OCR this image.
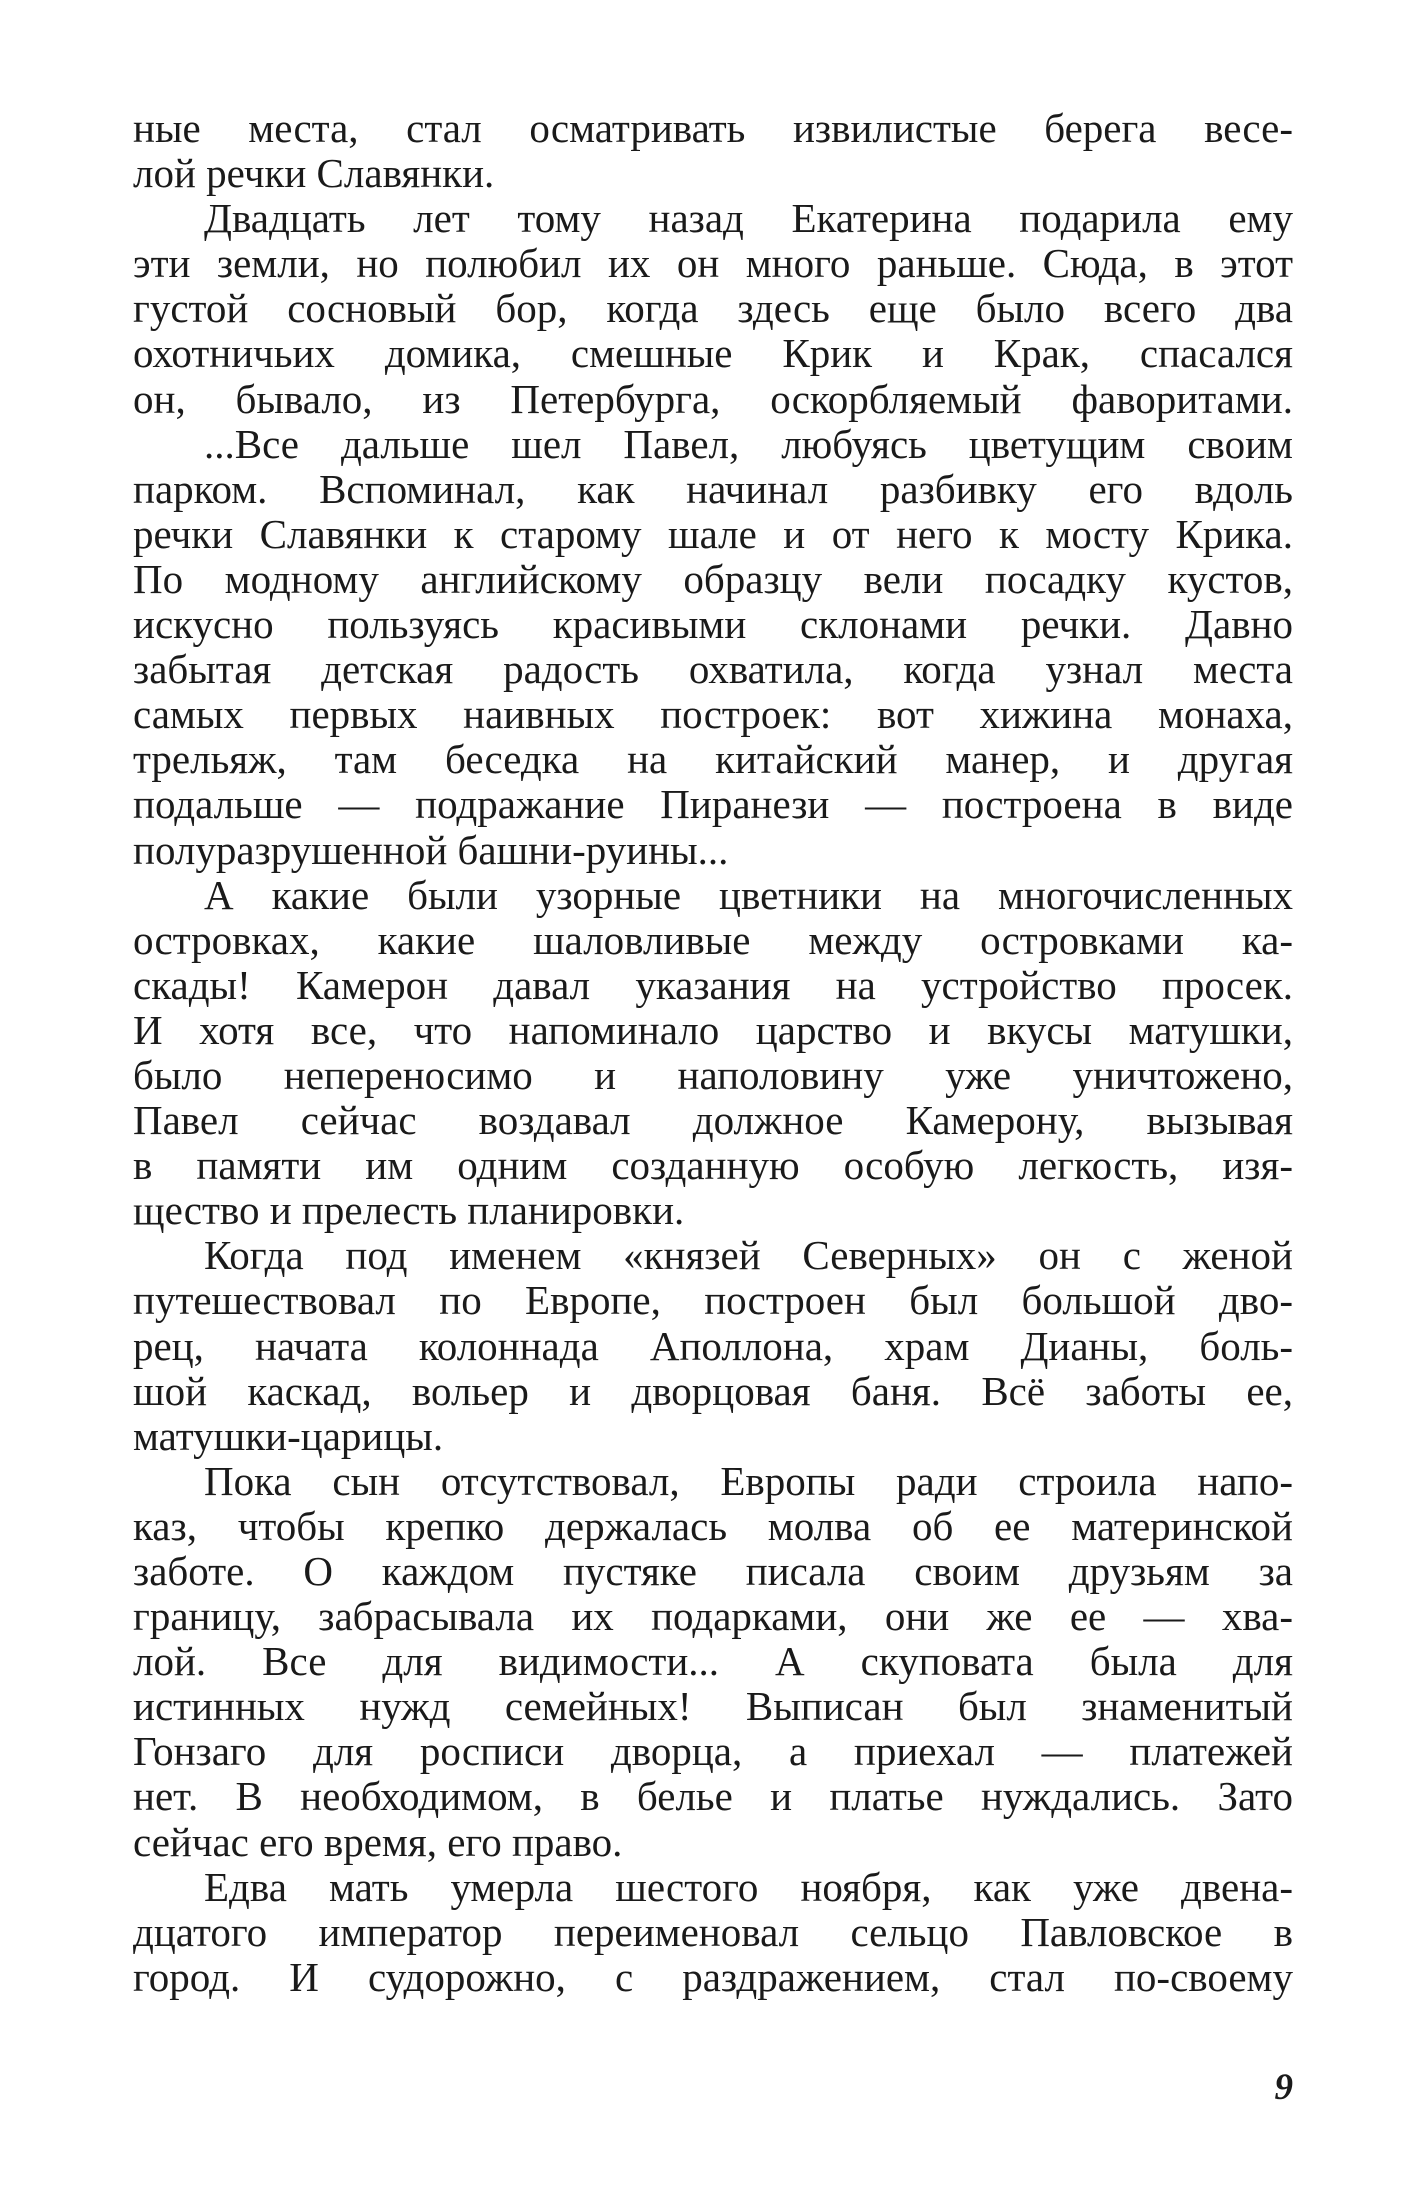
ные места, стал осматривать извилистые берега весе-
лой речки Славянки.
Двадцать лет тому назад Екатерина подарила ему
эти земли, но полюбил их он много раньше. Сюда, в этот
густой сосновый бор, когда здесь еще было всего два
охотничьих домика, смешные Крик и Крак, спасался
он, бывало, из Петербурга, оскорбляемый фаворитами.
...Все дальше шел Павел, любуясь цветущим своим
парком. Вспоминал, как начинал разбивку его вдоль
речки Славянки к старому шале и от него к мосту Крика.
По модному английскому образцу вели посадку кустов,
искусно пользуясь красивыми склонами речки. Давно
забытая детская радость охватила, когда узнал места
самых первых наивных построек: вот хижина монаха,
трельяж, там беседка на китайский манер, и другая
подальше — подражание Пиранези — построена в виде
полуразрушенной башни-руины...
А какие были узорные цветники на многочисленных
островках, какие шаловливые между островками ка-
скады! Камерон давал указания на устройство просек.
И хотя все, что напоминало царство и вкусы матушки,
было непереносимо и наполовину уже уничтожено,
Павел сейчас воздавал должное Камерону, вызывая
в памяти им одним созданную особую легкость, изя-
щество и прелесть планировки.
Когда под именем «князей Северных» он с женой
путешествовал по Европе, построен был большой дво-
рец, начата колоннада Аполлона, храм Дианы, боль-
шой каскад, вольер и дворцовая баня. Всё заботы ее,
матушки-царицы.
Пока сын отсутствовал, Европы ради строила напо-
каз, чтобы крепко держалась молва об ее материнской
заботе. О каждом пустяке писала своим друзьям за
границу, забрасывала их подарками, они же ее — хва-
лой. Все для видимости... А скуповата была для
истинных нужд семейных! Выписан был знаменитый
Гонзаго для росписи дворца, а приехал — платежей
нет. В необходимом, в белье и платье нуждались. Зато
сейчас его время, его право.
Едва мать умерла шестого ноября, как уже двена-
дцатого император переименовал сельцо Павловское в
город. И судорожно, с раздражением, стал по-своему
9
